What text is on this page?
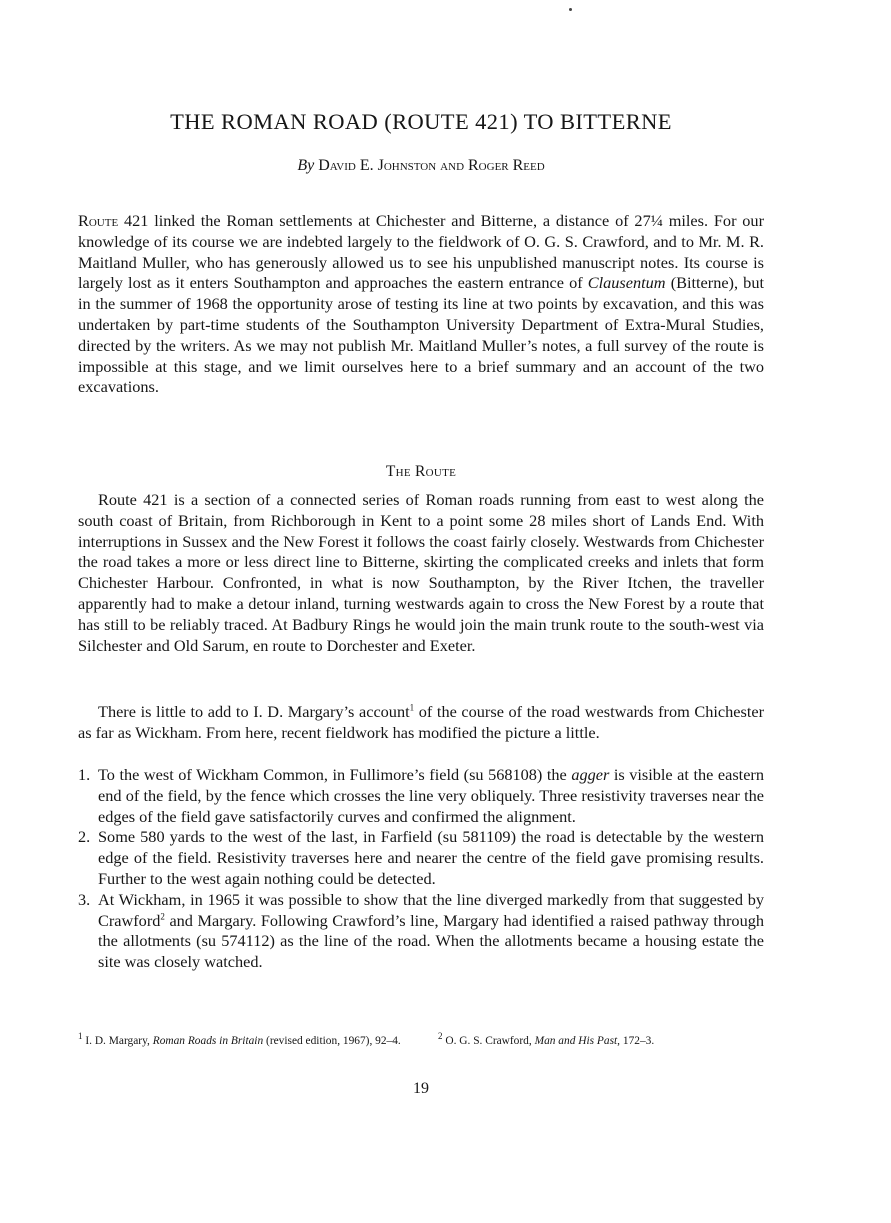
THE ROMAN ROAD (ROUTE 421) TO BITTERNE

By David E. Johnston and Roger Reed

Route 421 linked the Roman settlements at Chichester and Bitterne, a distance of 27¼ miles. For our knowledge of its course we are indebted largely to the fieldwork of O. G. S. Crawford, and to Mr. M. R. Maitland Muller, who has generously allowed us to see his unpublished manuscript notes. Its course is largely lost as it enters Southampton and approaches the eastern entrance of Clausentum (Bitterne), but in the summer of 1968 the opportunity arose of testing its line at two points by excavation, and this was undertaken by part-time students of the Southampton University Department of Extra-Mural Studies, directed by the writers. As we may not publish Mr. Maitland Muller’s notes, a full survey of the route is impossible at this stage, and we limit ourselves here to a brief summary and an account of the two excavations.

The Route

Route 421 is a section of a connected series of Roman roads running from east to west along the south coast of Britain, from Richborough in Kent to a point some 28 miles short of Lands End. With interruptions in Sussex and the New Forest it follows the coast fairly closely. Westwards from Chichester the road takes a more or less direct line to Bitterne, skirting the complicated creeks and inlets that form Chichester Harbour. Confronted, in what is now Southampton, by the River Itchen, the traveller apparently had to make a detour inland, turning westwards again to cross the New Forest by a route that has still to be reliably traced. At Badbury Rings he would join the main trunk route to the south-west via Silchester and Old Sarum, en route to Dorchester and Exeter.

There is little to add to I. D. Margary’s account$^1$ of the course of the road westwards from Chichester as far as Wickham. From here, recent fieldwork has modified the picture a little.

1. To the west of Wickham Common, in Fullimore’s field (su 568108) the agger is visible at the eastern end of the field, by the fence which crosses the line very obliquely. Three resistivity traverses near the edges of the field gave satisfactorily curves and confirmed the alignment.
2. Some 580 yards to the west of the last, in Farfield (su 581109) the road is detectable by the western edge of the field. Resistivity traverses here and nearer the centre of the field gave promising results. Further to the west again nothing could be detected.
3. At Wickham, in 1965 it was possible to show that the line diverged markedly from that suggested by Crawford$^2$ and Margary. Following Crawford’s line, Margary had identified a raised pathway through the allotments (su 574112) as the line of the road. When the allotments became a housing estate the site was closely watched.
$^1$ I. D. Margary, Roman Roads in Britain (revised edition, 1967), 92–4.	$^2$ O. G. S. Crawford, Man and His Past, 172–3.
19
